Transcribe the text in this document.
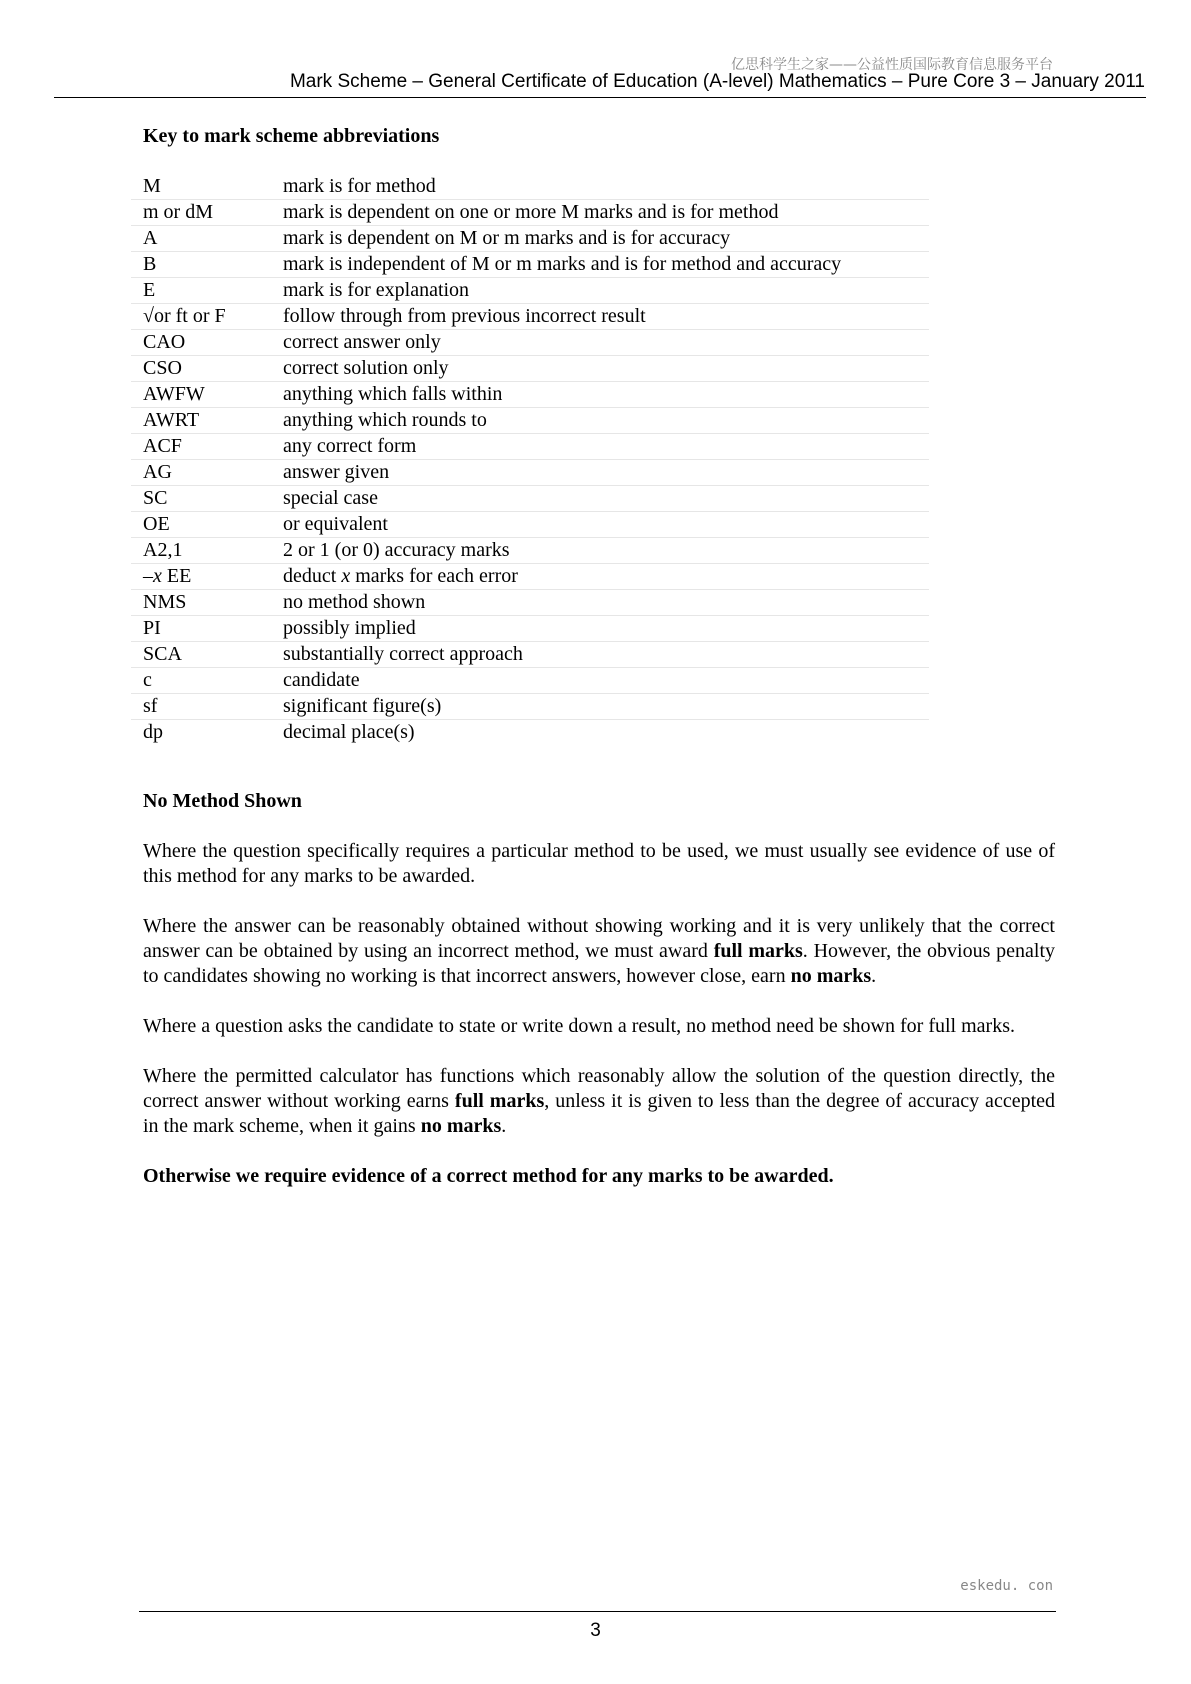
亿思科学生之家——公益性质国际教育信息服务平台
Mark Scheme – General Certificate of Education (A-level) Mathematics – Pure Core 3 – January 2011
Key to mark scheme abbreviations
M	mark is for method
m or dM	mark is dependent on one or more M marks and is for method
A	mark is dependent on M or m marks and is for accuracy
B	mark is independent of M or m marks and is for method and accuracy
E	mark is for explanation
√or ft or F	follow through from previous incorrect result
CAO	correct answer only
CSO	correct solution only
AWFW	anything which falls within
AWRT	anything which rounds to
ACF	any correct form
AG	answer given
SC	special case
OE	or equivalent
A2,1	2 or 1 (or 0) accuracy marks
–x EE	deduct x marks for each error
NMS	no method shown
PI	possibly implied
SCA	substantially correct approach
c	candidate
sf	significant figure(s)
dp	decimal place(s)
No Method Shown

Where the question specifically requires a particular method to be used, we must usually see evidence of use of this method for any marks to be awarded.

Where the answer can be reasonably obtained without showing working and it is very unlikely that the correct answer can be obtained by using an incorrect method, we must award full marks. However, the obvious penalty to candidates showing no working is that incorrect answers, however close, earn no marks.

Where a question asks the candidate to state or write down a result, no method need be shown for full marks.

Where the permitted calculator has functions which reasonably allow the solution of the question directly, the correct answer without working earns full marks, unless it is given to less than the degree of accuracy accepted in the mark scheme, when it gains no marks.

Otherwise we require evidence of a correct method for any marks to be awarded.

eskedu. con
3
